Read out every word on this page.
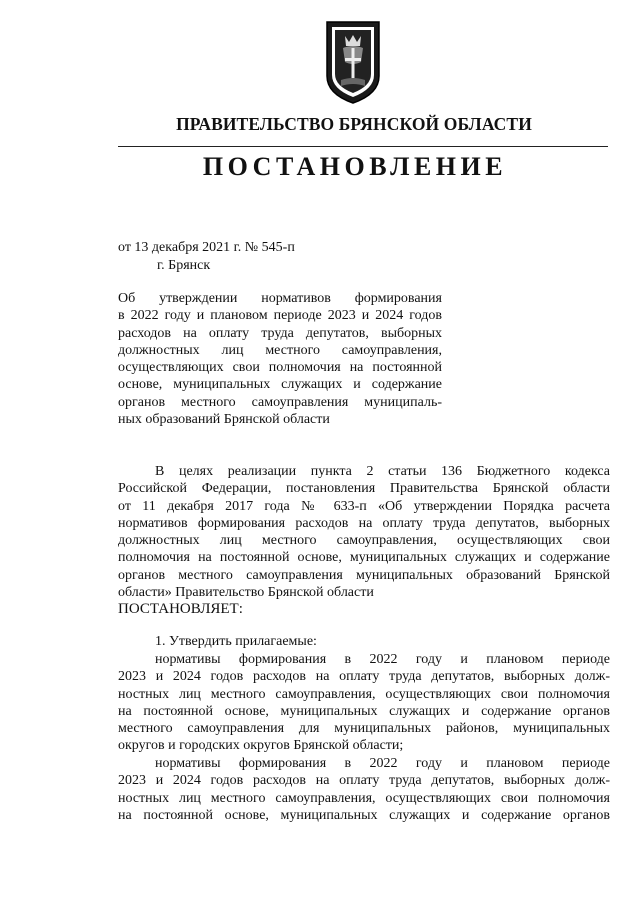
ПРАВИТЕЛЬСТВО БРЯНСКОЙ ОБЛАСТИ
ПОСТАНОВЛЕНИЕ
от 13 декабря 2021 г. № 545-п
г. Брянск
Об утверждении нормативов формирования
в 2022 году и плановом периоде 2023 и 2024 годов
расходов на оплату труда депутатов, выборных
должностных лиц местного самоуправления,
осуществляющих свои полномочия на постоянной
основе, муниципальных служащих и содержание
органов местного самоуправления муниципаль-
ных образований Брянской области
В целях реализации пункта 2 статьи 136 Бюджетного кодекса
Российской Федерации, постановления Правительства Брянской области
от 11 декабря 2017 года № 633-п «Об утверждении Порядка расчета
нормативов формирования расходов на оплату труда депутатов, выборных
должностных лиц местного самоуправления, осуществляющих свои
полномочия на постоянной основе, муниципальных служащих и содержание
органов местного самоуправления муниципальных образований Брянской
области» Правительство Брянской области
ПОСТАНОВЛЯЕТ:
1. Утвердить прилагаемые:
нормативы формирования в 2022 году и плановом периоде
2023 и 2024 годов расходов на оплату труда депутатов, выборных долж-
ностных лиц местного самоуправления, осуществляющих свои полномочия
на постоянной основе, муниципальных служащих и содержание органов
местного самоуправления для муниципальных районов, муниципальных
округов и городских округов Брянской области;
нормативы формирования в 2022 году и плановом периоде
2023 и 2024 годов расходов на оплату труда депутатов, выборных долж-
ностных лиц местного самоуправления, осуществляющих свои полномочия
на постоянной основе, муниципальных служащих и содержание органов
